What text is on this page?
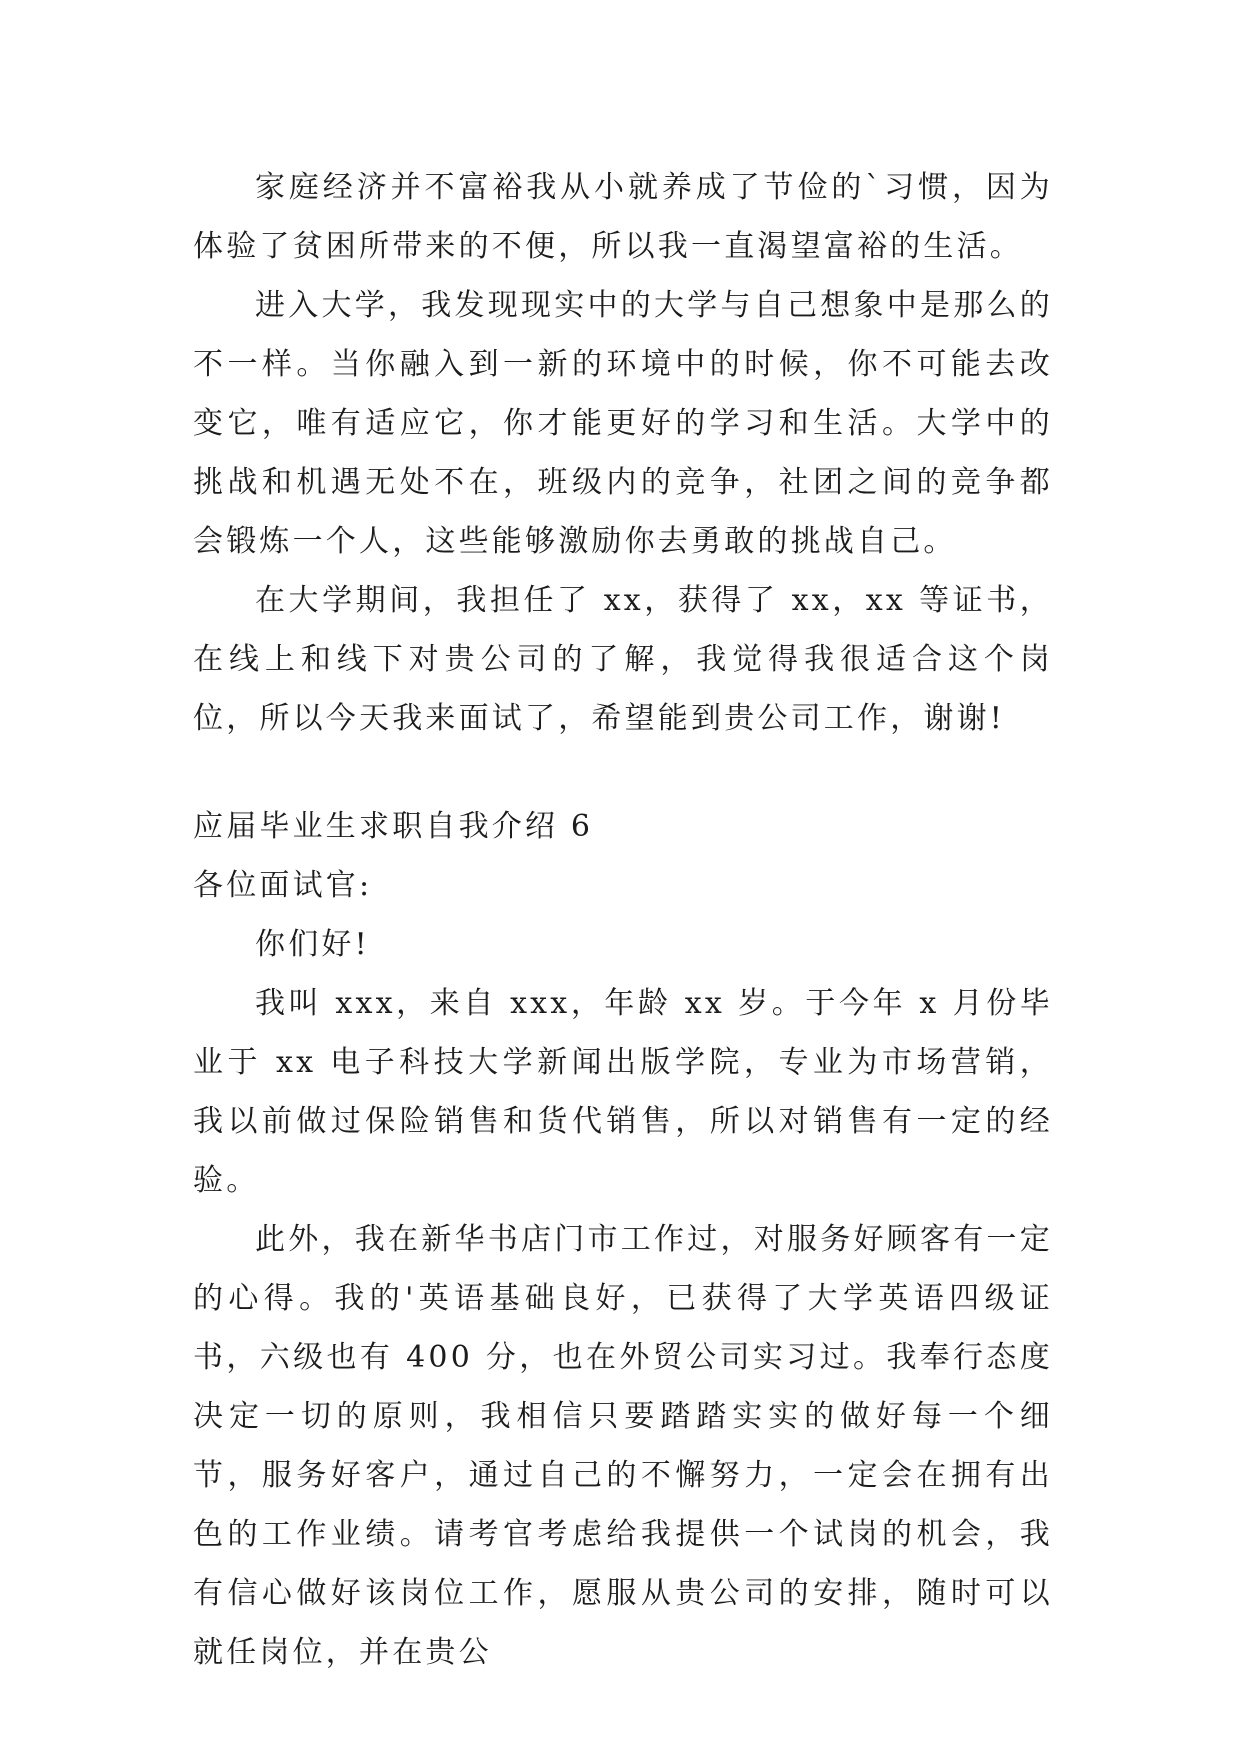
家庭经济并不富裕我从小就养成了节俭的`习惯，因为体验了贫困所带来的不便，所以我一直渴望富裕的生活。

进入大学，我发现现实中的大学与自己想象中是那么的不一样。当你融入到一新的环境中的时候，你不可能去改变它，唯有适应它，你才能更好的学习和生活。大学中的挑战和机遇无处不在，班级内的竞争，社团之间的竞争都会锻炼一个人，这些能够激励你去勇敢的挑战自己。

在大学期间，我担任了 xx，获得了 xx，xx 等证书，在线上和线下对贵公司的了解，我觉得我很适合这个岗位，所以今天我来面试了，希望能到贵公司工作，谢谢!

应届毕业生求职自我介绍 6

各位面试官:

你们好!

我叫 xxx，来自 xxx，年龄 xx 岁。于今年 x 月份毕业于 xx 电子科技大学新闻出版学院，专业为市场营销，我以前做过保险销售和货代销售，所以对销售有一定的经验。

此外，我在新华书店门市工作过，对服务好顾客有一定的心得。我的'英语基础良好，已获得了大学英语四级证书，六级也有 400 分，也在外贸公司实习过。我奉行态度决定一切的原则，我相信只要踏踏实实的做好每一个细节，服务好客户，通过自己的不懈努力，一定会在拥有出色的工作业绩。请考官考虑给我提供一个试岗的机会，我有信心做好该岗位工作，愿服从贵公司的安排，随时可以就任岗位，并在贵公
